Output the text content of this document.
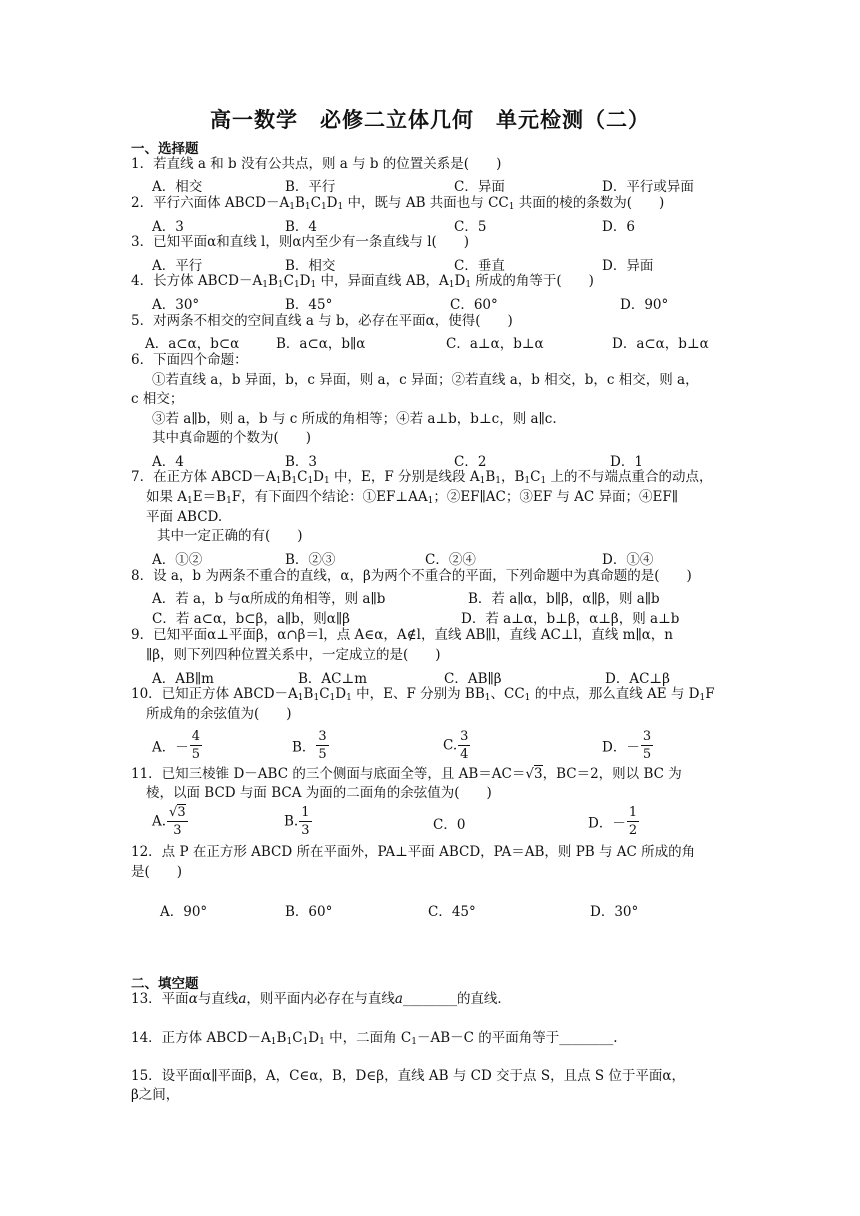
高一数学　必修二立体几何　单元检测（二）
一、选择题
1．若直线 a 和 b 没有公共点，则 a 与 b 的位置关系是(　　)
A．相交	B．平行	C．异面	D．平行或异面
2．平行六面体 $ABCD-A_1B_1C_1D_1$ 中，既与 AB 共面也与 $CC_1$ 共面的棱的条数为(　　)
A．3	B．4	C．5	D．6
3．已知平面α和直线 l，则α内至少有一条直线与 l(　　)
A．平行	B．相交	C．垂直	D．异面
4．长方体 $ABCD-A_1B_1C_1D_1$ 中，异面直线 AB，$A_1D_1$ 所成的角等于(　　)
A．30°	B．45°	C．60°	D．90°
5．对两条不相交的空间直线 a 与 b，必存在平面α，使得(　　)
A．a⊂α，b⊂α	B．a⊂α，b∥α	C．a⊥α，b⊥α	D．a⊂α，b⊥α
6．下面四个命题：
①若直线 a，b 异面，b，c 异面，则 a，c 异面；②若直线 a，b 相交，b，c 相交，则 a，
c 相交；
③若 a∥b，则 a，b 与 c 所成的角相等；④若 a⊥b，b⊥c，则 a∥c.
其中真命题的个数为(　　)
A．4	B．3	C．2	D．1
7．在正方体 $ABCD-A_1B_1C_1D_1$ 中，E，F 分别是线段 $A_1B_1$，$B_1C_1$ 上的不与端点重合的动点，
如果 $A_1E=B_1F$，有下面四个结论：$①EF\perp AA_1$；②EF∥AC；③EF 与 AC 异面；④EF∥
平面 ABCD.
其中一定正确的有(　　)
A．①②	B．②③	C．②④	D．①④
8．设 a，b 为两条不重合的直线，α，β为两个不重合的平面，下列命题中为真命题的是(　　)
A．若 a，b 与α所成的角相等，则 a∥b	B．若 a∥α，b∥β，α∥β，则 a∥b
C．若 a⊂α，b⊂β，a∥b，则α∥β	D．若 a⊥α，b⊥β，α⊥β，则 a⊥b
9．已知平面α⊥平面β，α∩β＝l，点 A∈α，A∉l，直线 AB∥l，直线 AC⊥l，直线 m∥α，n
∥β，则下列四种位置关系中，一定成立的是(　　)
A．AB∥m	B．AC⊥m	C．AB∥β	D．AC⊥β
10．已知正方体 $ABCD-A_1B_1C_1D_1$ 中，E、F 分别为 $BB_1$、$CC_1$ 的中点，那么直线 AE 与 $D_1F$
所成角的余弦值为(　　)
A．－ $\frac{4}{5}$	B． $\frac{3}{5}$	C. $\frac{3}{4}$	D．－ $\frac{3}{5}$
11．已知三棱锥 D－ABC 的三个侧面与底面全等，且 AB＝AC＝√3，BC＝2，则以 BC 为
棱，以面 BCD 与面 BCA 为面的二面角的余弦值为(　　)
A. $\frac{√3}{3}$	B. $\frac{1}{3}$	C．0	D．－ $\frac{1}{2}$
12．点 P 在正方形 ABCD 所在平面外，PA⊥平面 ABCD，PA＝AB，则 PB 与 AC 所成的角
是(　　)
A．90°	B．60°	C．45°	D．30°
二、填空题
13．平面α与直线a，则平面内必存在与直线a________的直线．
14．正方体 $ABCD-A_1B_1C_1D_1$ 中，二面角 $C_1-AB-C$ 的平面角等于________.
15．设平面α∥平面β，A，C∈α，B，D∈β，直线 AB 与 CD 交于点 S，且点 S 位于平面α，
β之间，
